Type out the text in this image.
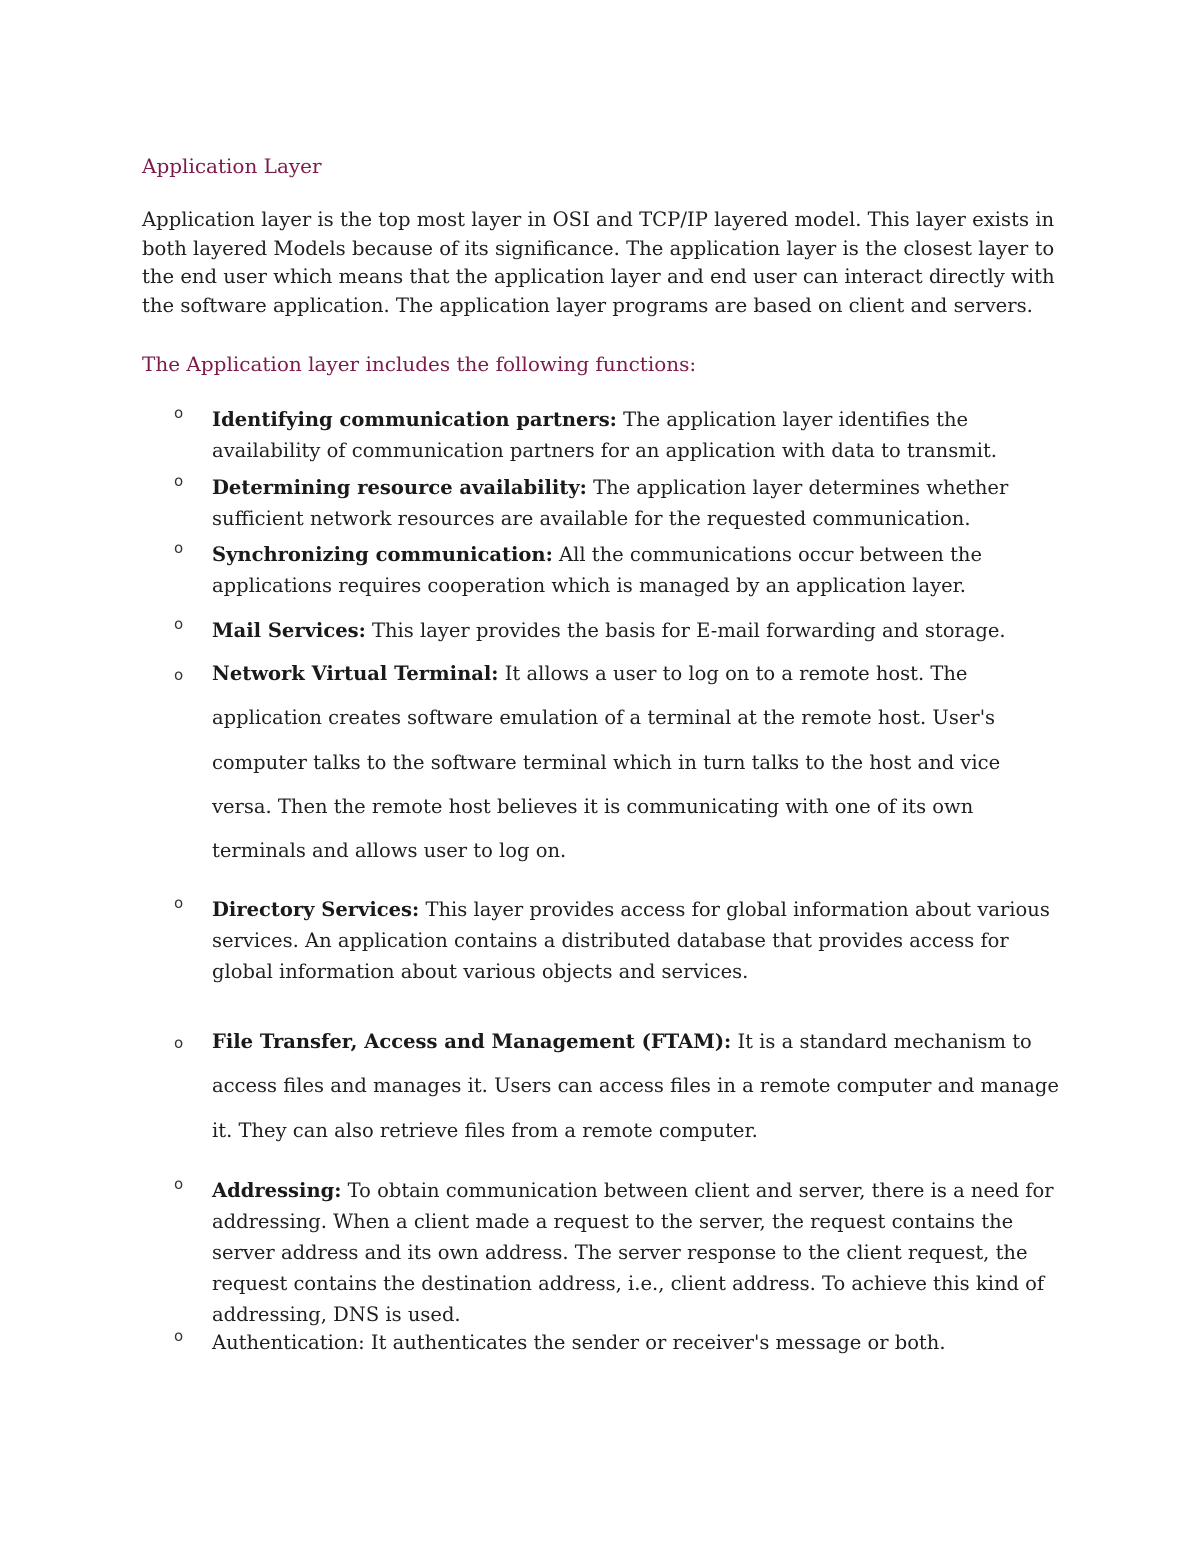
Application Layer

Application layer is the top most layer in OSI and TCP/IP layered model. This layer exists in both layered Models because of its significance. The application layer is the closest layer to the end user which means that the application layer and end user can interact directly with the software application. The application layer programs are based on client and servers.

The Application layer includes the following functions:
o Identifying communication partners: The application layer identifies the availability of communication partners for an application with data to transmit.

o Determining resource availability: The application layer determines whether sufficient network resources are available for the requested communication.

o Synchronizing communication: All the communications occur between the applications requires cooperation which is managed by an application layer.

o Mail Services: This layer provides the basis for E-mail forwarding and storage.

o Network Virtual Terminal: It allows a user to log on to a remote host. The application creates software emulation of a terminal at the remote host. User's computer talks to the software terminal which in turn talks to the host and vice versa. Then the remote host believes it is communicating with one of its own terminals and allows user to log on.

o Directory Services: This layer provides access for global information about various services. An application contains a distributed database that provides access for global information about various objects and services.

o File Transfer, Access and Management (FTAM): It is a standard mechanism to access files and manages it. Users can access files in a remote computer and manage it. They can also retrieve files from a remote computer.

o Addressing: To obtain communication between client and server, there is a need for addressing. When a client made a request to the server, the request contains the server address and its own address. The server response to the client request, the request contains the destination address, i.e., client address. To achieve this kind of addressing, DNS is used.

o Authentication: It authenticates the sender or receiver's message or both.
